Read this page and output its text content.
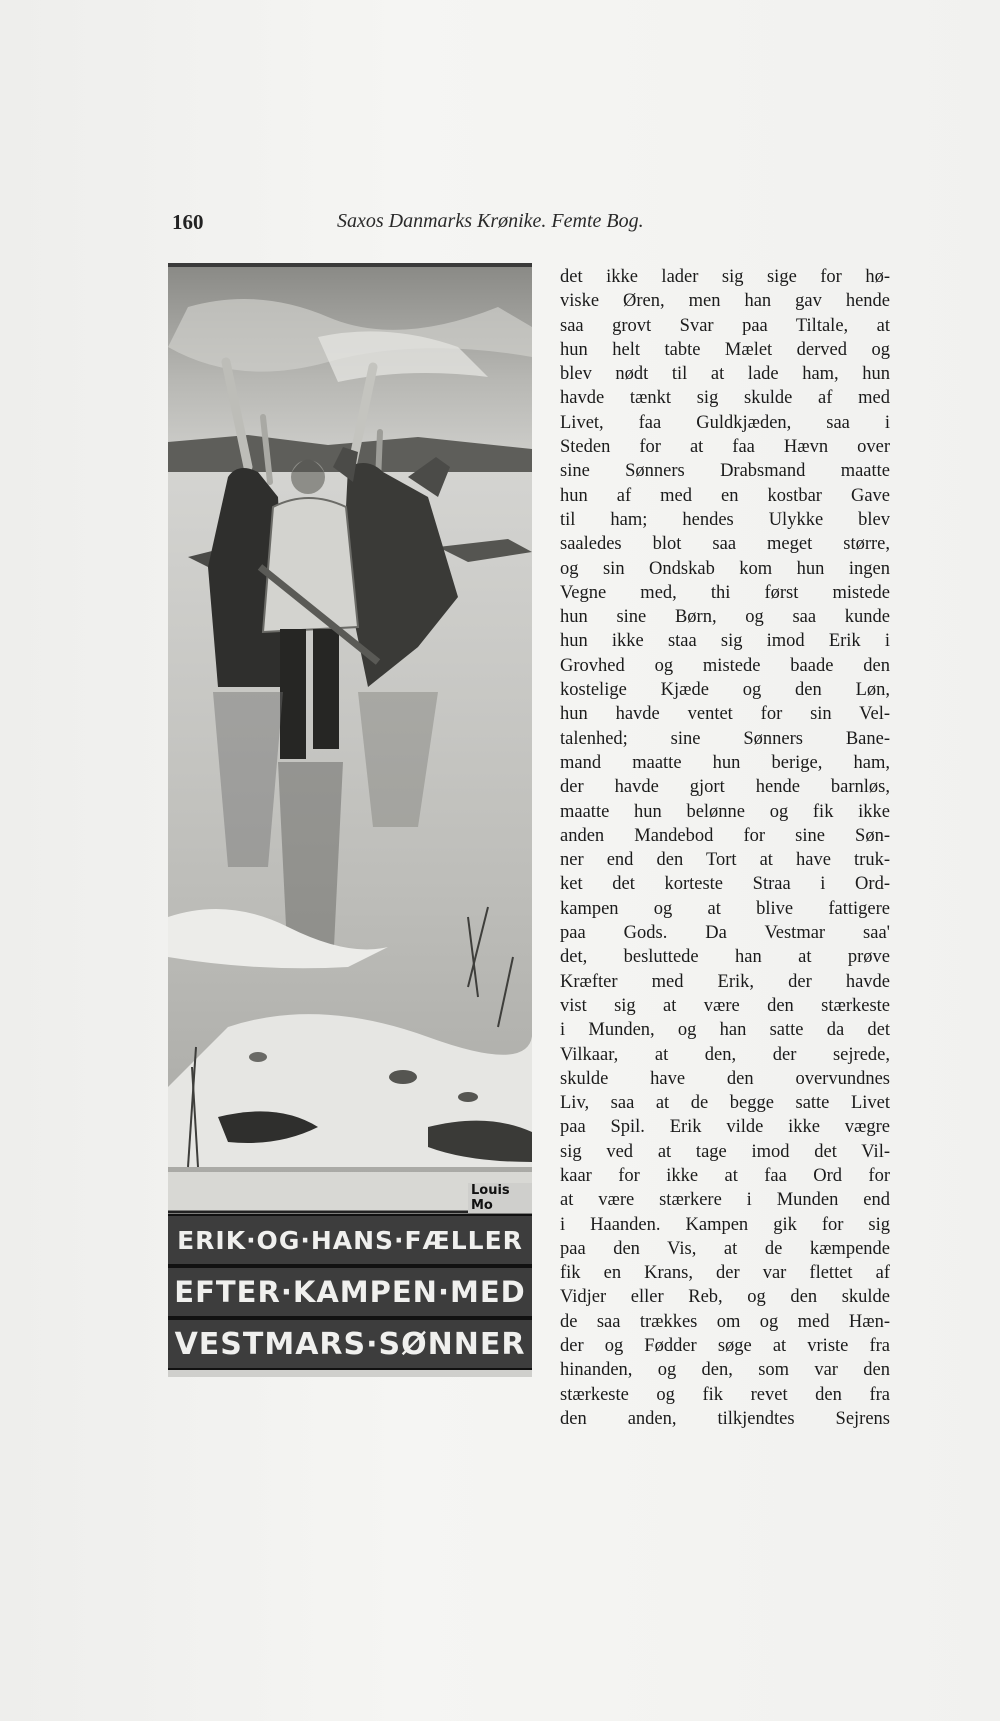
160	Saxos Danmarks Krønike. Femte Bog.
Louis Mo
ERIK·OG·HANS·FÆLLER
EFTER·KAMPEN·MED
VESTMARS·SØNNER
det ikke lader sig sige for hø-
viske Øren, men han gav hende
saa grovt Svar paa Tiltale, at
hun helt tabte Mælet derved og
blev nødt til at lade ham, hun
havde tænkt sig skulde af med
Livet, faa Guldkjæden, saa i
Steden for at faa Hævn over
sine Sønners Drabsmand maatte
hun af med en kostbar Gave
til ham; hendes Ulykke blev
saaledes blot saa meget større,
og sin Ondskab kom hun ingen
Vegne med, thi først mistede
hun sine Børn, og saa kunde
hun ikke staa sig imod Erik i
Grovhed og mistede baade den
kostelige Kjæde og den Løn,
hun havde ventet for sin Vel-
talenhed; sine Sønners Bane-
mand maatte hun berige, ham,
der havde gjort hende barnløs,
maatte hun belønne og fik ikke
anden Mandebod for sine Søn-
ner end den Tort at have truk-
ket det korteste Straa i Ord-
kampen og at blive fattigere
paa Gods. Da Vestmar saa'
det, besluttede han at prøve
Kræfter med Erik, der havde
vist sig at være den stærkeste
i Munden, og han satte da det
Vilkaar, at den, der sejrede,
skulde have den overvundnes
Liv, saa at de begge satte Livet
paa Spil. Erik vilde ikke vægre
sig ved at tage imod det Vil-
kaar for ikke at faa Ord for
at være stærkere i Munden end
i Haanden. Kampen gik for sig
paa den Vis, at de kæmpende
fik en Krans, der var flettet af
Vidjer eller Reb, og den skulde
de saa trækkes om og med Hæn-
der og Fødder søge at vriste fra
hinanden, og den, som var den
stærkeste og fik revet den fra
den anden, tilkjendtes Sejrens
